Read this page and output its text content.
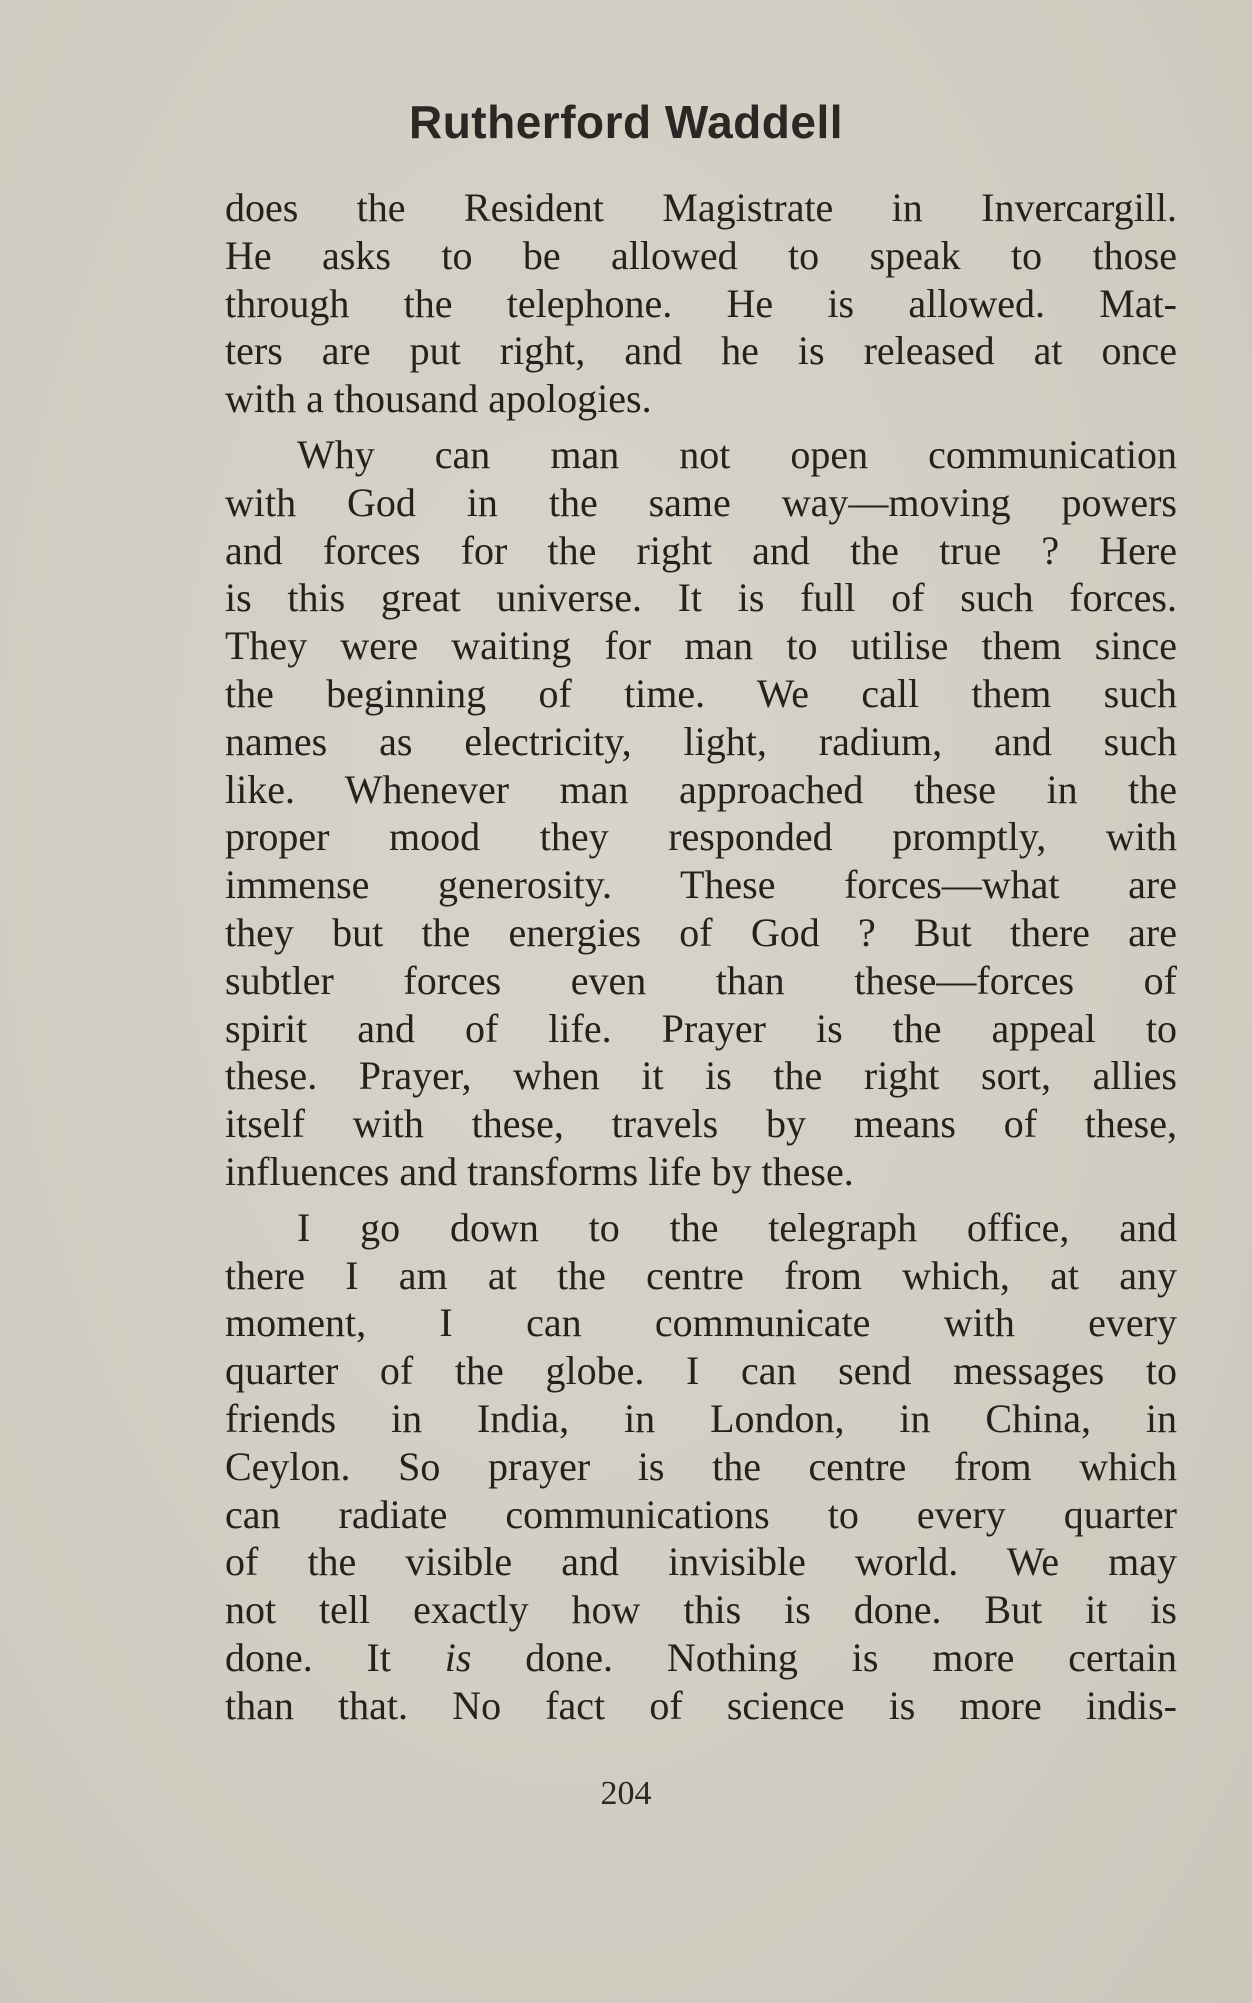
Rutherford Waddell

does the Resident Magistrate in Invercargill.
He asks to be allowed to speak to those
through the telephone. He is allowed. Mat-
ters are put right, and he is released at once
with a thousand apologies.

Why can man not open communication
with God in the same way—moving powers
and forces for the right and the true ? Here
is this great universe. It is full of such forces.
They were waiting for man to utilise them since
the beginning of time. We call them such
names as electricity, light, radium, and such
like. Whenever man approached these in the
proper mood they responded promptly, with
immense generosity. These forces—what are
they but the energies of God ? But there are
subtler forces even than these—forces of
spirit and of life. Prayer is the appeal to
these. Prayer, when it is the right sort, allies
itself with these, travels by means of these,
influences and transforms life by these.

I go down to the telegraph office, and
there I am at the centre from which, at any
moment, I can communicate with every
quarter of the globe. I can send messages to
friends in India, in London, in China, in
Ceylon. So prayer is the centre from which
can radiate communications to every quarter
of the visible and invisible world. We may
not tell exactly how this is done. But it is
done. It is done. Nothing is more certain
than that. No fact of science is more indis-

204
